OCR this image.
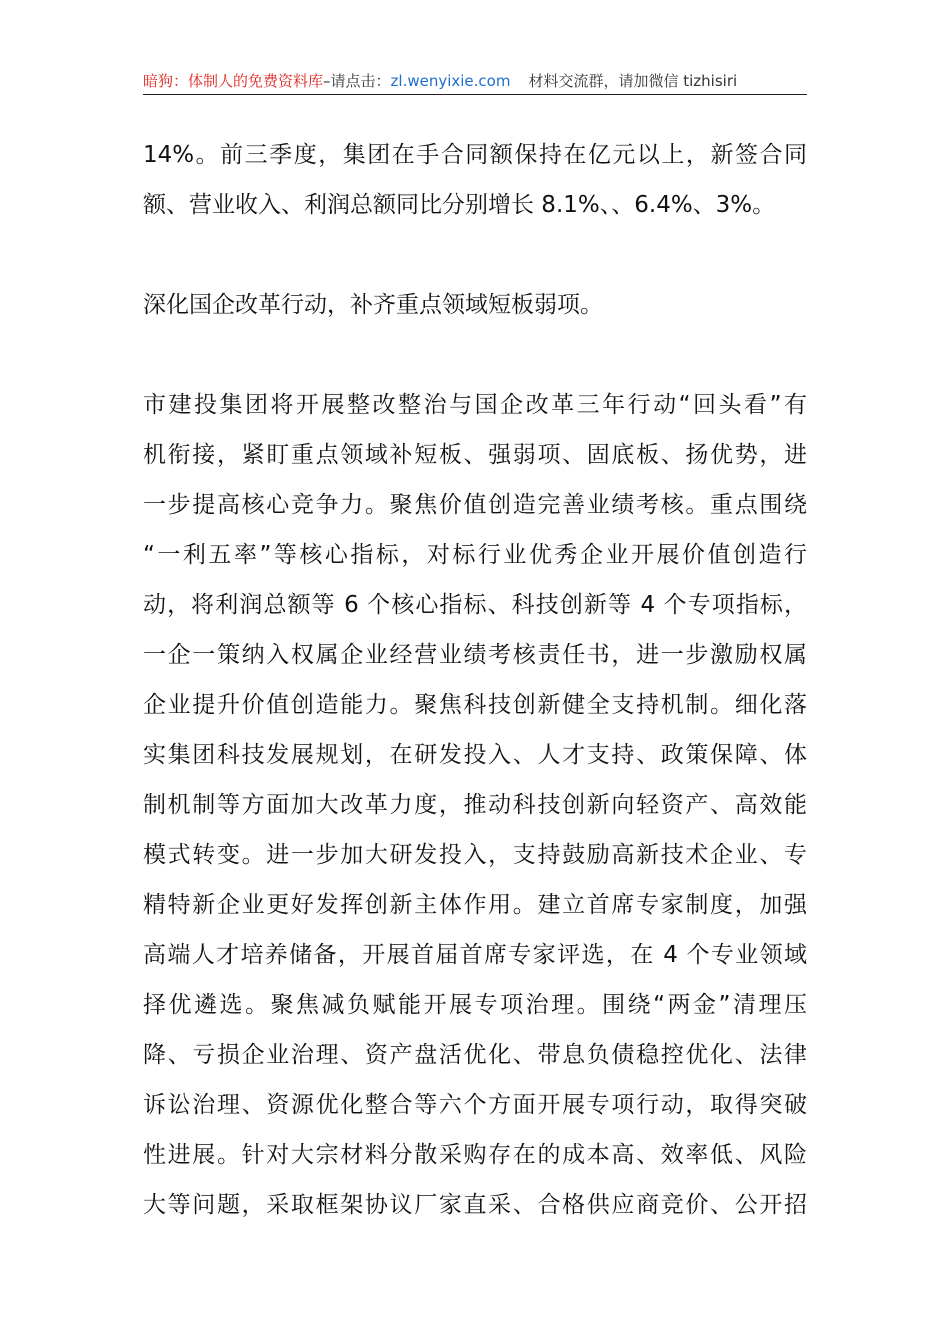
暗狗：体制人的免费资料库–请点击：zl.wenyixie.com 材料交流群，请加微信 tizhisiri
14%。前三季度，集团在手合同额保持在亿元以上，新签合同
额、营业收入、利润总额同比分别增长 8.1%、、6.4%、3%。
深化国企改革行动，补齐重点领域短板弱项。
市建投集团将开展整改整治与国企改革三年行动“回头看”有
机衔接，紧盯重点领域补短板、强弱项、固底板、扬优势，进
一步提高核心竞争力。聚焦价值创造完善业绩考核。重点围绕
“一利五率”等核心指标，对标行业优秀企业开展价值创造行
动，将利润总额等 6 个核心指标、科技创新等 4 个专项指标，
一企一策纳入权属企业经营业绩考核责任书，进一步激励权属
企业提升价值创造能力。聚焦科技创新健全支持机制。细化落
实集团科技发展规划，在研发投入、人才支持、政策保障、体
制机制等方面加大改革力度，推动科技创新向轻资产、高效能
模式转变。进一步加大研发投入，支持鼓励高新技术企业、专
精特新企业更好发挥创新主体作用。建立首席专家制度，加强
高端人才培养储备，开展首届首席专家评选，在 4 个专业领域
择优遴选。聚焦减负赋能开展专项治理。围绕“两金”清理压
降、亏损企业治理、资产盘活优化、带息负债稳控优化、法律
诉讼治理、资源优化整合等六个方面开展专项行动，取得突破
性进展。针对大宗材料分散采购存在的成本高、效率低、风险
大等问题，采取框架协议厂家直采、合格供应商竞价、公开招
